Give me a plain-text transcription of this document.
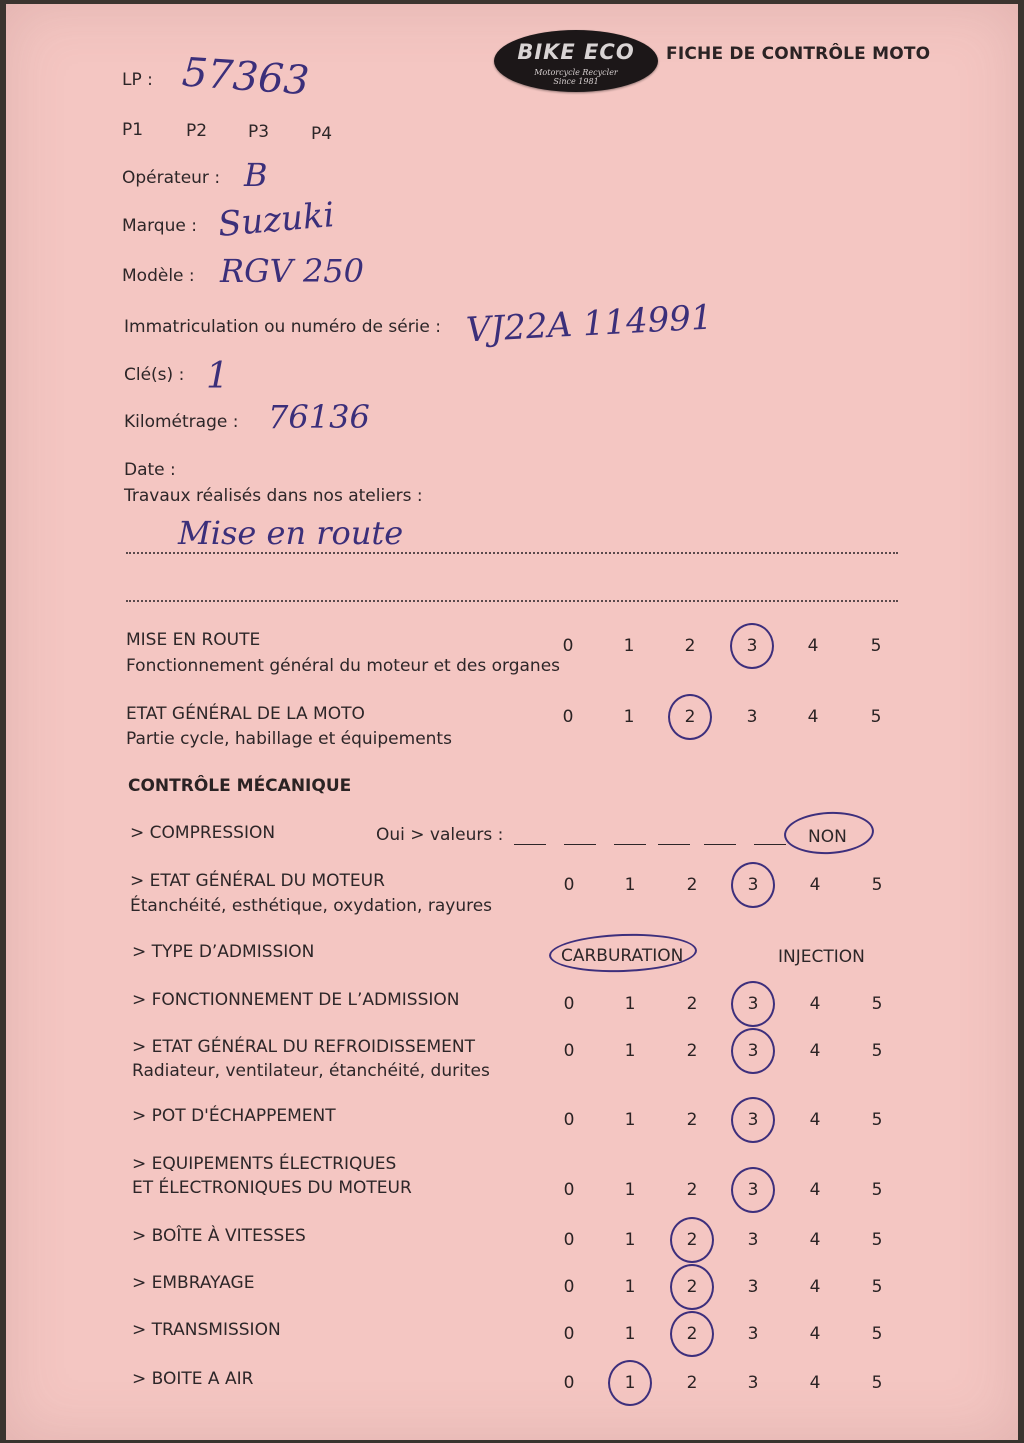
BIKE ECO
Motorcycle Recycler
Since 1981
FICHE DE CONTRÔLE MOTO
LP : 57363
P1	P2 P3 P4
Opérateur : B
Marque : Suzuki
Modèle : RGV 250
Immatriculation ou numéro de série : VJ22A 114991
Clé(s) : 1
Kilométrage : 76136
Date :
Travaux réalisés dans nos ateliers :
Mise en route
MISE EN ROUTE
Fonctionnement général du moteur et des organes
0	1	2	3	4	5
ETAT GÉNÉRAL DE LA MOTO
Partie cycle, habillage et équipements
0	1	2	3	4	5
CONTRÔLE MÉCANIQUE
> COMPRESSION	Oui > valeurs :	NON
> ETAT GÉNÉRAL DU MOTEUR
Étanchéité, esthétique, oxydation, rayures
0	1	2	3	4	5
> TYPE D’ADMISSION	CARBURATION	INJECTION
> FONCTIONNEMENT DE L’ADMISSION	0	1	2	3	4	5
> ETAT GÉNÉRAL DU REFROIDISSEMENT
Radiateur, ventilateur, étanchéité, durites
0	1	2	3	4	5
> POT D'ÉCHAPPEMENT	0	1	2	3	4	5
> EQUIPEMENTS ÉLECTRIQUES
ET ÉLECTRONIQUES DU MOTEUR	0	1	2	3	4	5
> BOÎTE À VITESSES	0	1	2	3	4	5
> EMBRAYAGE	0	1	2	3	4	5
> TRANSMISSION	0	1	2	3	4	5
> BOITE A AIR	0	1	2	3	4	5
